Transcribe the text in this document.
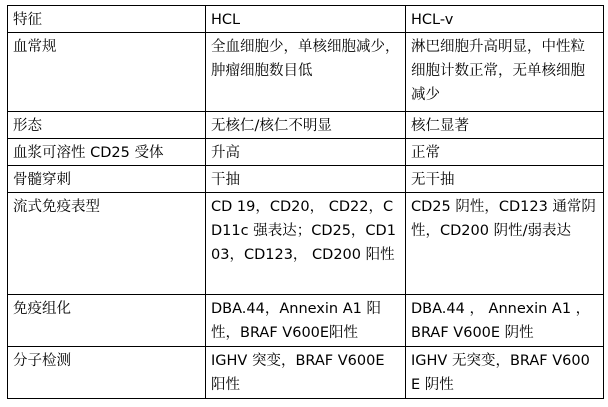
特征	HCL	HCL-v
血常规	全血细胞少，单核细胞减少，肿瘤细胞数目低	淋巴细胞升高明显，中性粒细胞计数正常，无单核细胞减少
形态	无核仁/核仁不明显	核仁显著
血浆可溶性 CD25 受体	升高	正常
骨髓穿刺	干抽	无干抽
流式免疫表型	CD 19，CD20， CD22，CD11c 强表达；CD25，CD103，CD123， CD200 阳性	CD25 阴性，CD123 通常阴性，CD200 阴性/弱表达
免疫组化	DBA.44，Annexin A1 阳性，BRAF V600E阳性	DBA.44 ， Annexin A1 ，BRAF V600E 阴性
分子检测	IGHV 突变，BRAF V600E 阳性	IGHV 无突变，BRAF V600E 阴性
